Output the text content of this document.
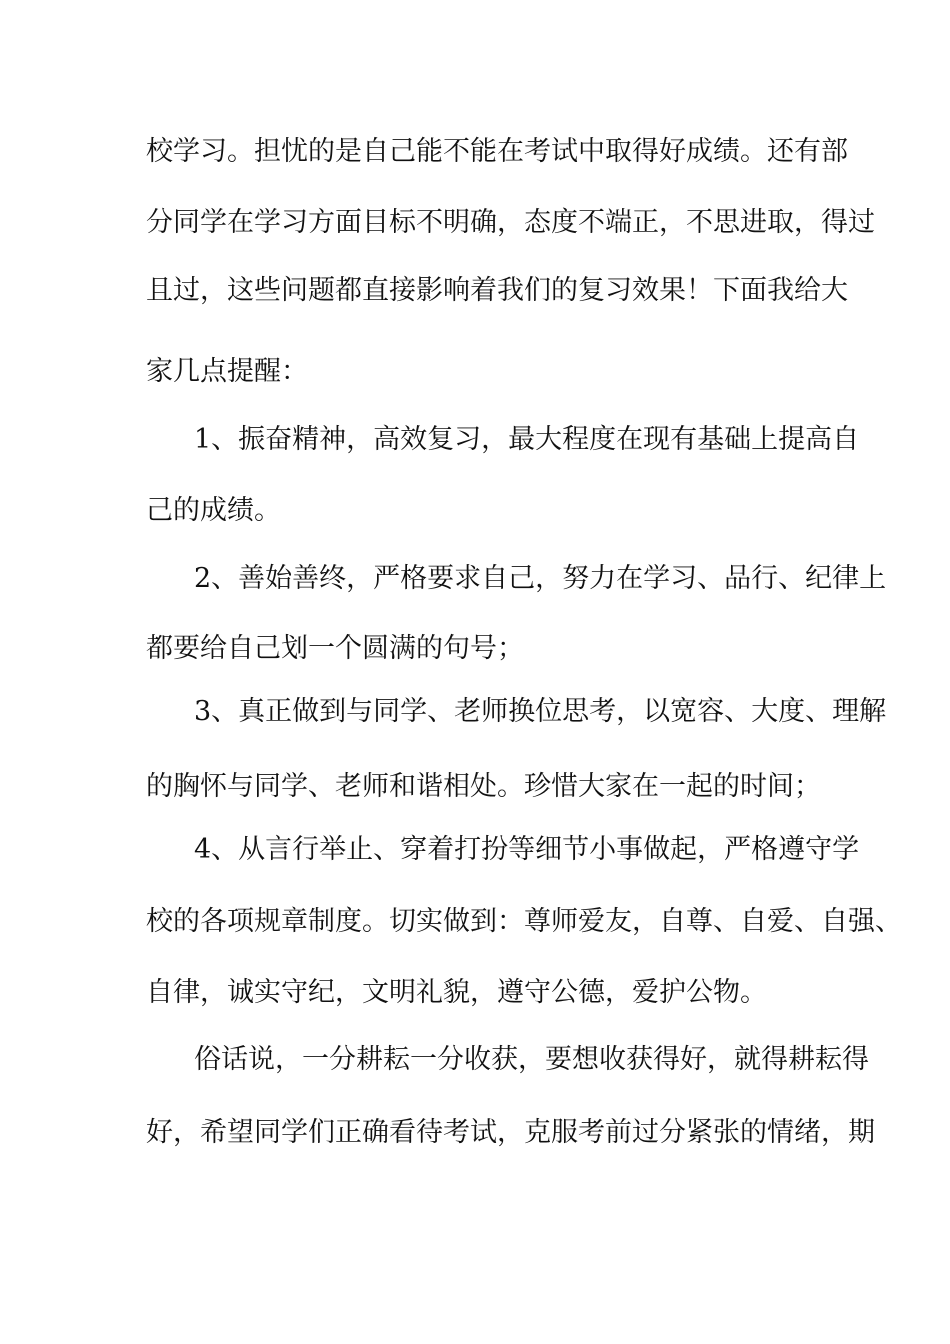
校学习。担忧的是自己能不能在考试中取得好成绩。还有部
分同学在学习方面目标不明确，态度不端正，不思进取，得过
且过，这些问题都直接影响着我们的复习效果！下面我给大
家几点提醒：
1、振奋精神，高效复习，最大程度在现有基础上提高自
己的成绩。
2、善始善终，严格要求自己，努力在学习、品行、纪律上
都要给自己划一个圆满的句号；
3、真正做到与同学、老师换位思考，以宽容、大度、理解
的胸怀与同学、老师和谐相处。珍惜大家在一起的时间；
4、从言行举止、穿着打扮等细节小事做起，严格遵守学
校的各项规章制度。切实做到：尊师爱友，自尊、自爱、自强、
自律，诚实守纪，文明礼貌，遵守公德，爱护公物。
俗话说，一分耕耘一分收获，要想收获得好，就得耕耘得
好，希望同学们正确看待考试，克服考前过分紧张的情绪，期
